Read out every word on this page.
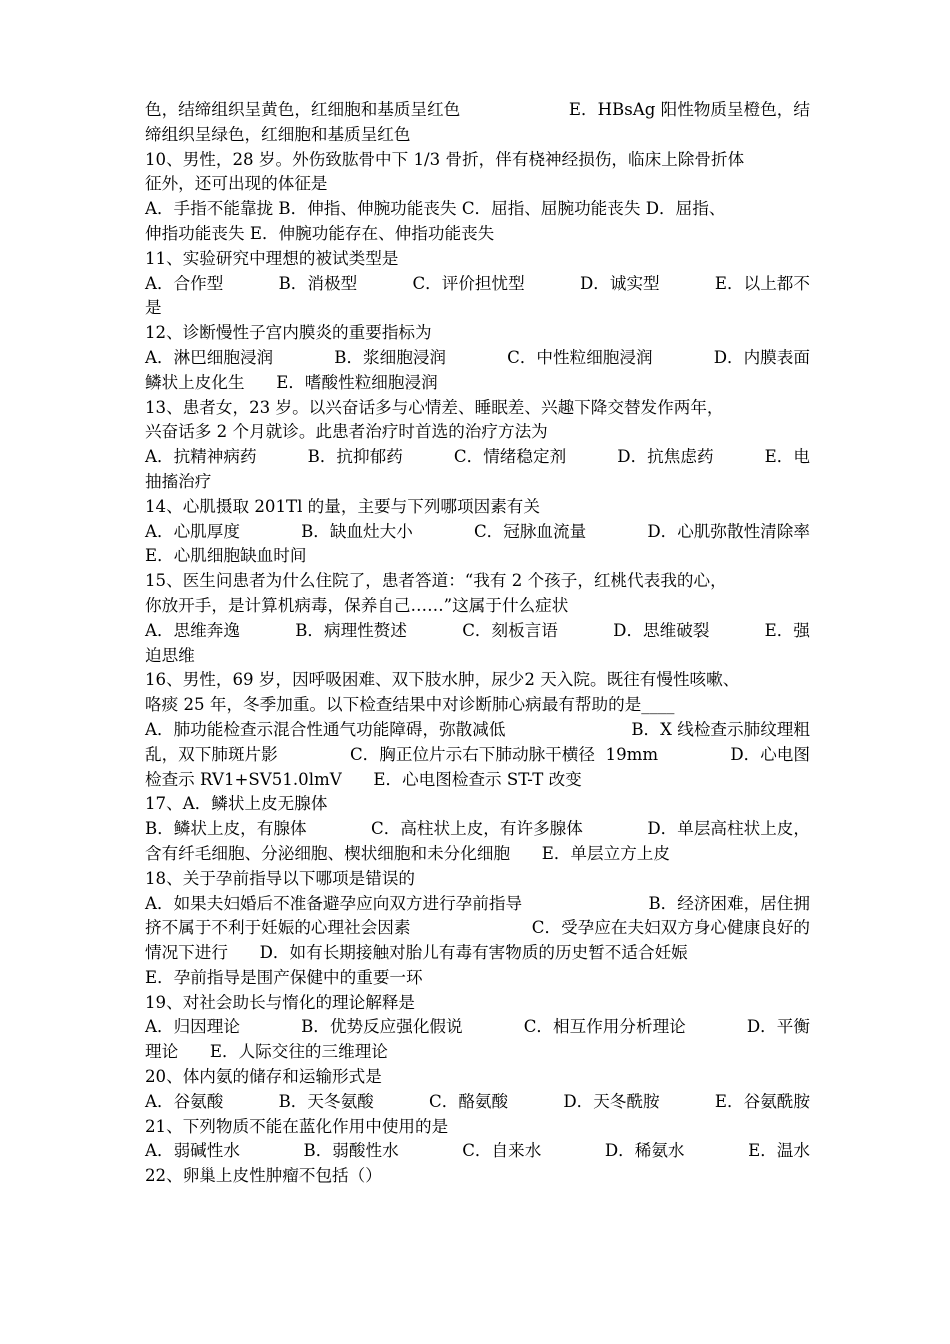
色，结缔组织呈黄色，红细胞和基质呈红色	E．HBsAg 阳性物质呈橙色，结
缔组织呈绿色，红细胞和基质呈红色
10、男性，28 岁。外伤致肱骨中下 1/3 骨折，伴有桡神经损伤，临床上除骨折体
征外，还可出现的体征是
A．手指不能靠拢 B．伸指、伸腕功能丧失 C．屈指、屈腕功能丧失 D．屈指、
伸指功能丧失 E．伸腕功能存在、伸指功能丧失
11、实验研究中理想的被试类型是
A．合作型	B．消极型	C．评价担忧型	D．诚实型	E．以上都不
是
12、诊断慢性子宫内膜炎的重要指标为
A．淋巴细胞浸润	B．浆细胞浸润	C．中性粒细胞浸润	D．内膜表面
鳞状上皮化生      E．嗜酸性粒细胞浸润
13、患者女，23 岁。以兴奋话多与心情差、睡眠差、兴趣下降交替发作两年，
兴奋话多 2 个月就诊。此患者治疗时首选的治疗方法为
A．抗精神病药	B．抗抑郁药	C．情绪稳定剂	D．抗焦虑药	E．电
抽搐治疗
14、心肌摄取 201Tl 的量，主要与下列哪项因素有关
A．心肌厚度	B．缺血灶大小	C．冠脉血流量	D．心肌弥散性清除率
E．心肌细胞缺血时间
15、医生问患者为什么住院了，患者答道：“我有 2 个孩子，红桃代表我的心，
你放开手，是计算机病毒，保养自己……”这属于什么症状
A．思维奔逸	B．病理性赘述	C．刻板言语	D．思维破裂	E．强
迫思维
16、男性，69 岁，因呼吸困难、双下肢水肿，尿少2 天入院。既往有慢性咳嗽、
咯痰 25 年，冬季加重。以下检查结果中对诊断肺心病最有帮助的是____
A．肺功能检查示混合性通气功能障碍，弥散减低	B．X 线检查示肺纹理粗
乱，双下肺斑片影	C．胸正位片示右下肺动脉干横径  19mm	D．心电图
检查示 RV1+SV51.0lmV      E．心电图检查示 ST-T 改变
17、A．鳞状上皮无腺体
B．鳞状上皮，有腺体	C．高柱状上皮，有许多腺体	D．单层高柱状上皮，
含有纤毛细胞、分泌细胞、楔状细胞和未分化细胞      E．单层立方上皮
18、关于孕前指导以下哪项是错误的
A．如果夫妇婚后不准备避孕应向双方进行孕前指导	B．经济困难，居住拥
挤不属于不利于妊娠的心理社会因素	C．受孕应在夫妇双方身心健康良好的
情况下进行      D．如有长期接触对胎儿有毒有害物质的历史暂不适合妊娠
E．孕前指导是围产保健中的重要一环
19、对社会助长与惰化的理论解释是
A．归因理论	B．优势反应强化假说	C．相互作用分析理论	D．平衡
理论      E．人际交往的三维理论
20、体内氨的储存和运输形式是
A．谷氨酸	B．天冬氨酸	C．酪氨酸	D．天冬酰胺	E．谷氨酰胺
21、下列物质不能在蓝化作用中使用的是
A．弱碱性水	B．弱酸性水	C．自来水	D．稀氨水	E．温水
22、卵巢上皮性肿瘤不包括（）
